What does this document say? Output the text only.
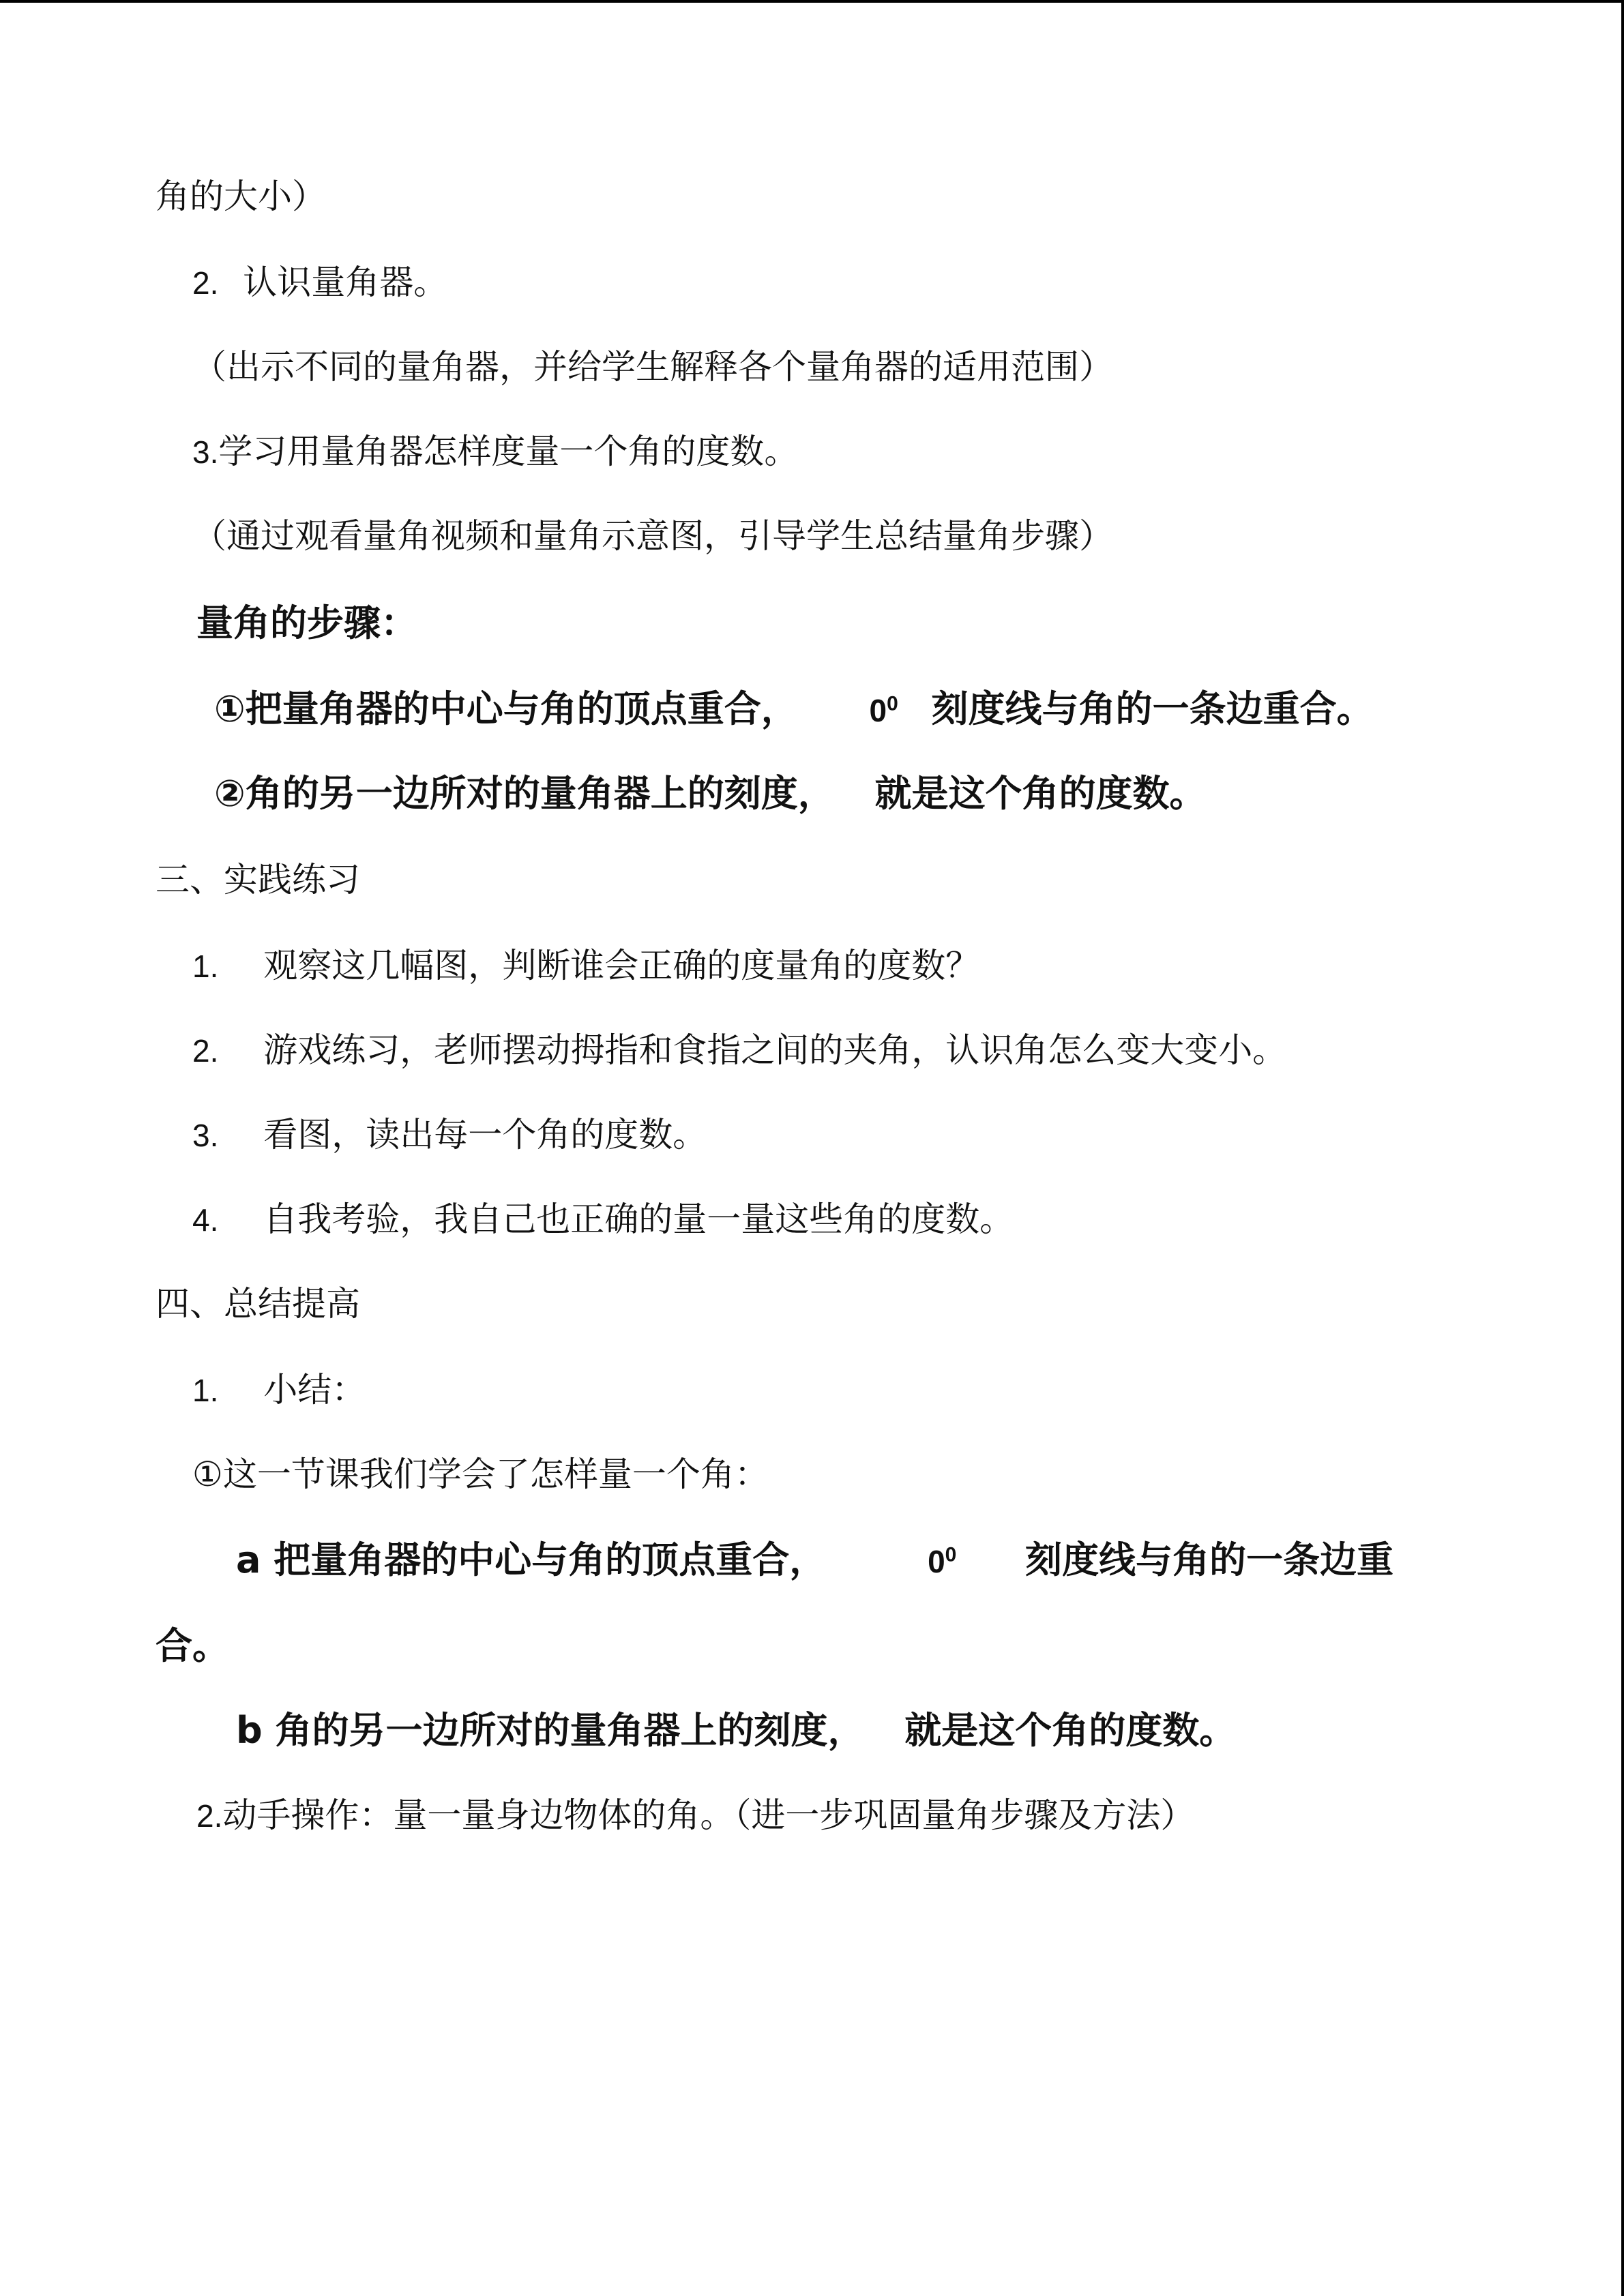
角的大小）
2. 认识量角器。
（出示不同的量角器，并给学生解释各个量角器的适用范围）
3.学习用量角器怎样度量一个角的度数。
（通过观看量角视频和量角示意图，引导学生总结量角步骤）
量角的步骤：
①把量角器的中心与角的顶点重合， $0^0$ 刻度线与角的一条边重合。
②角的另一边所对的量角器上的刻度， 就是这个角的度数。
三、实践练习
1. 观察这几幅图，判断谁会正确的度量角的度数？
2. 游戏练习，老师摆动拇指和食指之间的夹角，认识角怎么变大变小。
3. 看图，读出每一个角的度数。
4. 自我考验，我自己也正确的量一量这些角的度数。
四、总结提高
1. 小结：
①这一节课我们学会了怎样量一个角：
a 把量角器的中心与角的顶点重合，	$0^0$ 刻度线与角的一条边重
合。
b 角的另一边所对的量角器上的刻度， 就是这个角的度数。
2.动手操作：量一量身边物体的角。（进一步巩固量角步骤及方法）
